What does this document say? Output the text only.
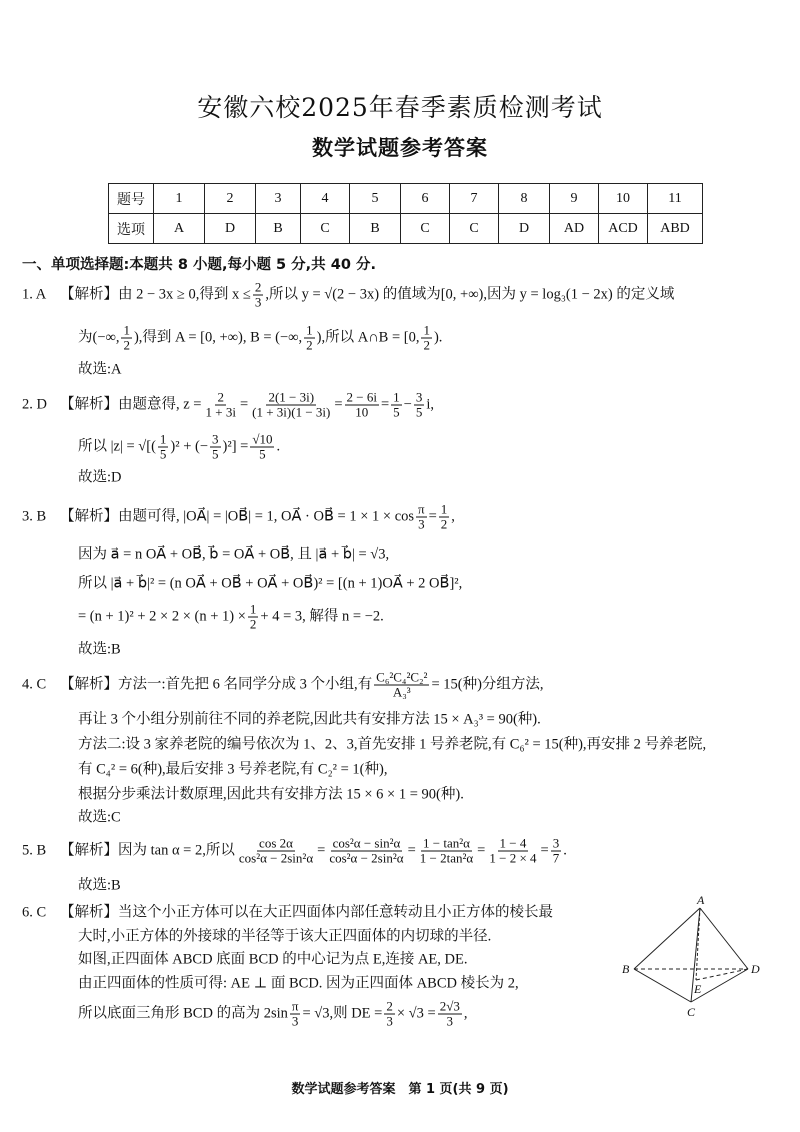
安徽六校2025年春季素质检测考试
数学试题参考答案
题号	1	2	3	4	5	6	7	8	9	10	11
选项	A	D	B	C	B	C	C	D	AD	ACD	ABD
一、单项选择题:本题共 8 小题,每小题 5 分,共 40 分.
1. A 【解析】由 2 − 3x ≥ 0,得到 $x \le \frac{2}{3}$ ,所以 y = √(2 − 3x) 的值域为[0, +∞),因为 y = log₃(1 − 2x) 的定义域
为(−∞, $\frac{1}{2}$ ),得到 A = [0, +∞), B = (−∞, $\frac{1}{2}$ ),所以 A∩B = [0, $\frac{1}{2}$ ).
故选:A
2. D 【解析】由题意得, $z = \frac{2}{1 + 3i} = \frac{2(1 - 3i)}{(1 + 3i)(1 - 3i)} = \frac{2 - 6i}{10} = \frac{1}{5} - \frac{3}{5} i$,
所以 |z| = √[( $\frac{1}{5} )^2$ + (− $\frac{3}{5} )^2] = \frac{√10}{5}$ .
故选:D
3. B 【解析】由题可得, |OA⃗| = |OB⃗| = 1, OA⃗ · OB⃗ = $1 \times 1 \times \cos \frac{\pi}{3} = \frac{1}{2}$ ,
因为 a⃗ = n OA⃗ + OB⃗, b⃗ = OA⃗ + OB⃗, 且 |a⃗ + b⃗| = √3,
所以 |a⃗ + b⃗|² = (n OA⃗ + OB⃗ + OA⃗ + OB⃗)² = [(n + 1)OA⃗ + 2 OB⃗]²,
= $(n + 1)^2 + 2 \times 2 \times (n + 1) \times \frac{1}{2} + 4 = 3$, 解得 n = −2.
故选:B
4. C 【解析】方法一:首先把 6 名同学分成 3 个小组,有 $\frac{\text{C₆²C₄²C₂²}}{\text{A₃³}} = 15$(种)分组方法,
再让 3 个小组分别前往不同的养老院,因此共有安排方法 15 × A₃³ = 90(种).
方法二:设 3 家养老院的编号依次为 1、2、3,首先安排 1 号养老院,有 C₆² = 15(种),再安排 2 号养老院,
有 C₄² = 6(种),最后安排 3 号养老院,有 C₂² = 1(种),
根据分步乘法计数原理,因此共有安排方法 15 × 6 × 1 = 90(种).
故选:C
5. B 【解析】因为 tan α = 2,所以 $\frac{\cos 2\alpha}{\text{cos²α − 2sin²α}} = \frac{\text{cos²α − sin²α}}{\text{cos²α − 2sin²α}} = \frac{\text{1 − tan²α}}{\text{1 − 2tan²α}} = \frac{1 - 4}{1 - 2 \times 4} = \frac{3}{7}$ .
故选:B
6. C 【解析】当这个小正方体可以在大正四面体内部任意转动且小正方体的棱长最
大时,小正方体的外接球的半径等于该大正四面体的内切球的半径.
如图,正四面体 ABCD 底面 BCD 的中心记为点 E,连接 AE, DE.
由正四面体的性质可得: AE ⊥ 面 BCD. 因为正四面体 ABCD 棱长为 2,
所以底面三角形 BCD 的高为 $2\sin \frac{\pi}{3} = √3$,则 DE = $\frac{2}{3} \times √3 = \frac{2√3}{3}$ ,
A
B	D
C
E
数学试题参考答案　第 1 页(共 9 页)
